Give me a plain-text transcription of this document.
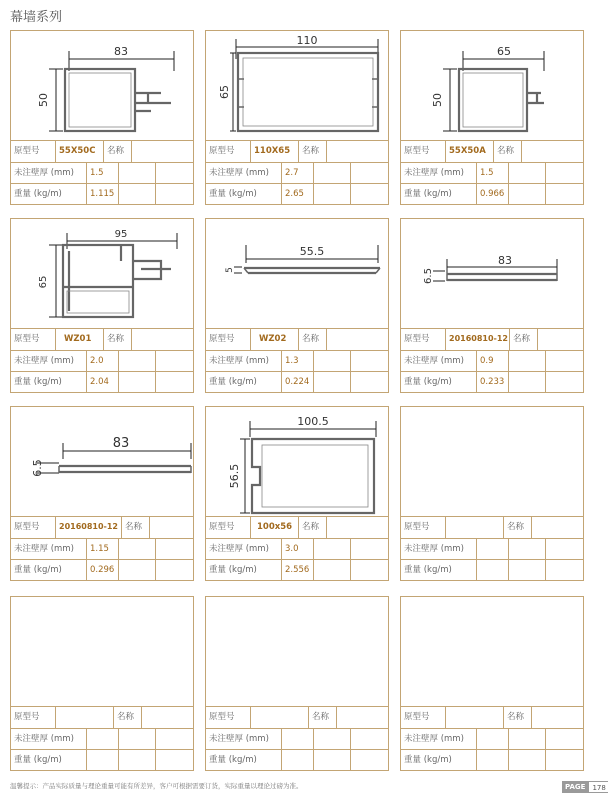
幕墙系列
83
50
原型号	55X50C	名称
未注壁厚 (mm)	1.5
重量 (kg/m)	1.115
110
65
原型号	110X65	名称
未注壁厚 (mm)	2.7
重量 (kg/m)	2.65
65
50
原型号	55X50A	名称
未注壁厚 (mm)	1.5
重量 (kg/m)	0.966
95
65
原型号	WZ01	名称
未注壁厚 (mm)	2.0
重量 (kg/m)	2.04
55.5
5
原型号	WZ02	名称
未注壁厚 (mm)	1.3
重量 (kg/m)	0.224
83
6.5
原型号	20160810-12 名称
未注壁厚 (mm)	0.9
重量 (kg/m)	0.233
83
6.5
原型号	20160810-12 名称
未注壁厚 (mm)	1.15
重量 (kg/m)	0.296
100.5
56.5
原型号	100x56	名称
未注壁厚 (mm)	3.0
重量 (kg/m)	2.556
原型号	名称
未注壁厚 (mm)
重量 (kg/m)
原型号	名称
未注壁厚 (mm)
重量 (kg/m)
原型号	名称
未注壁厚 (mm)
重量 (kg/m)
原型号	名称
未注壁厚 (mm)
重量 (kg/m)
温馨提示：产品实际质量与理论重量可能有所差异，客户可根据需要订货，实际重量以理论过磅为准。	PAGE	178
